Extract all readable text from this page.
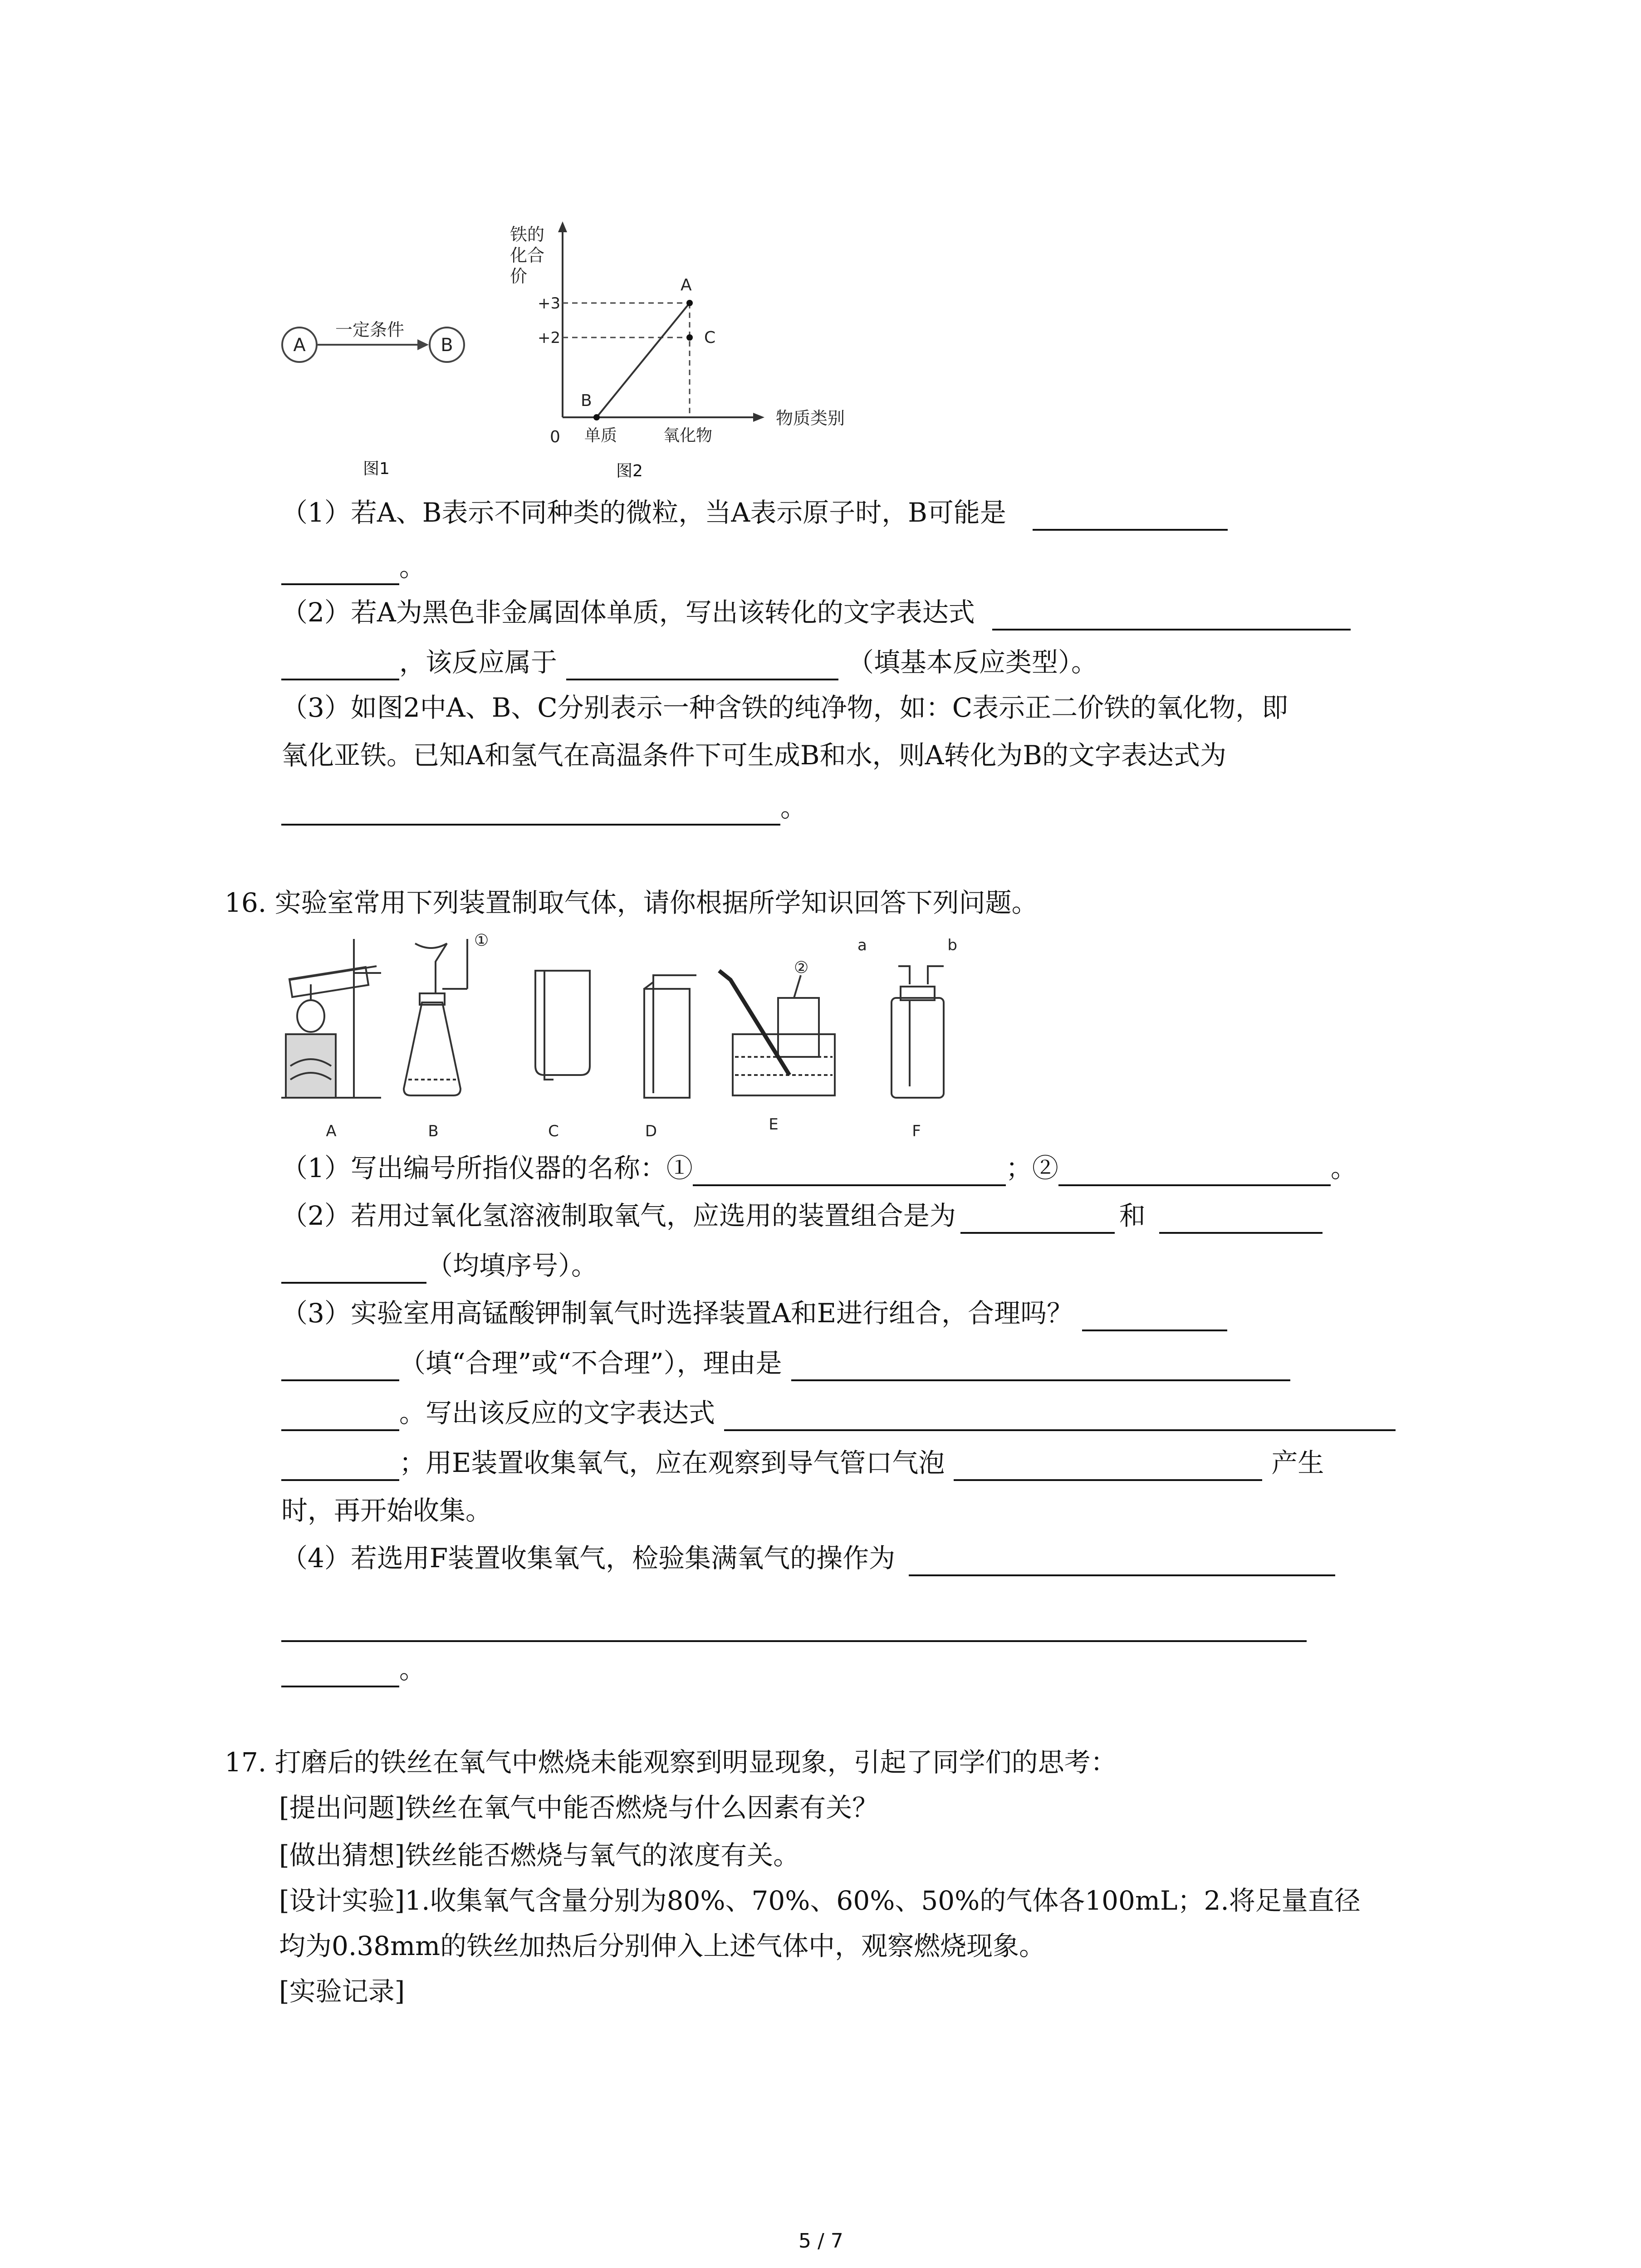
A
一定条件
B
图1
铁的
化合
价
物质类别
0
+3
+2
A
B
C
单质	氧化物
图2
（1）若A、B表示不同种类的微粒，当A表示原子时，B可能是
。
（2）若A为黑色非金属固体单质，写出该转化的文字表达式
，该反应属于	（填基本反应类型）。
（3）如图2中A、B、C分别表示一种含铁的纯净物，如：C表示正二价铁的氧化物，即
氧化亚铁。已知A和氢气在高温条件下可生成B和水，则A转化为B的文字表达式为
。
16. 实验室常用下列装置制取气体，请你根据所学知识回答下列问题。
①
②
a	b
A	B	C	D	E	F
（1）写出编号所指仪器的名称：①	；②	。
（2）若用过氧化氢溶液制取氧气，应选用的装置组合是为	和
（均填序号）。
（3）实验室用高锰酸钾制氧气时选择装置A和E进行组合，合理吗？
（填“合理”或“不合理”），理由是
。写出该反应的文字表达式
；用E装置收集氧气，应在观察到导气管口气泡	产生
时，再开始收集。
（4）若选用F装置收集氧气，检验集满氧气的操作为
。
17. 打磨后的铁丝在氧气中燃烧未能观察到明显现象，引起了同学们的思考：
[提出问题]铁丝在氧气中能否燃烧与什么因素有关？
[做出猜想]铁丝能否燃烧与氧气的浓度有关。
[设计实验]1.收集氧气含量分别为80%、70%、60%、50%的气体各100mL；2.将足量直径
均为0.38mm的铁丝加热后分别伸入上述气体中，观察燃烧现象。
[实验记录]
5 / 7
